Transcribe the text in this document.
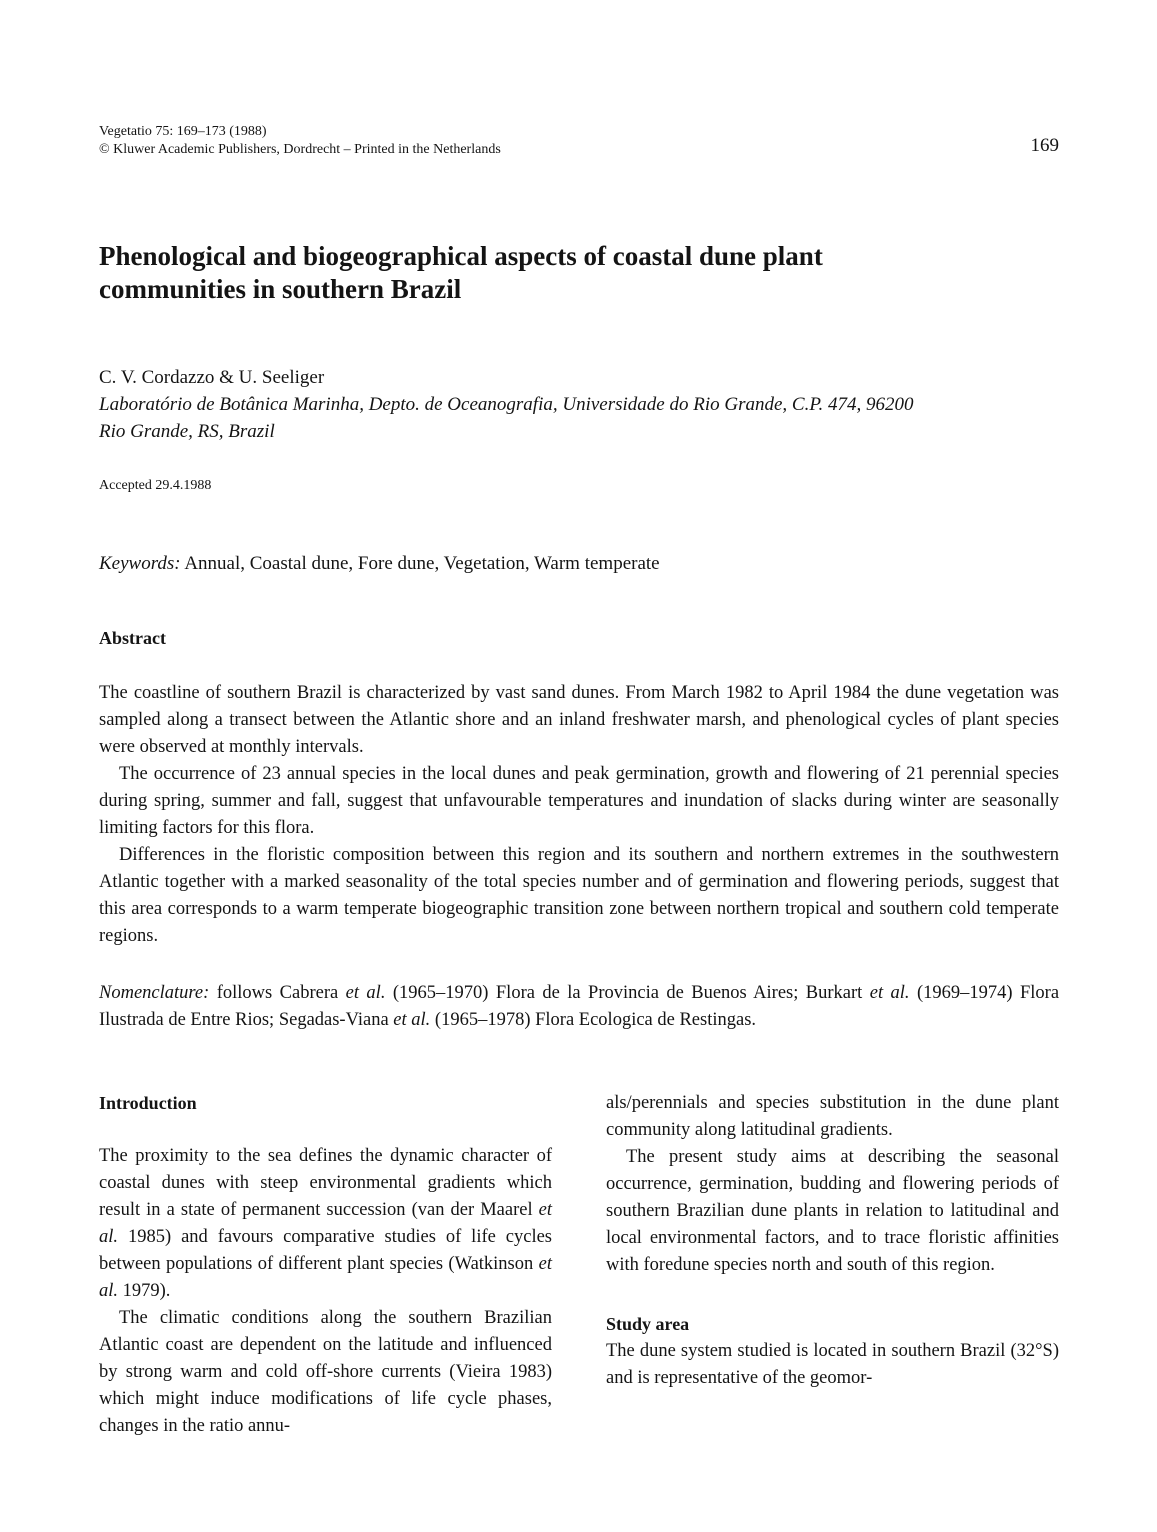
Vegetatio 75: 169–173 (1988)
© Kluwer Academic Publishers, Dordrecht – Printed in the Netherlands	169
Phenological and biogeographical aspects of coastal dune plant
communities in southern Brazil
C. V. Cordazzo & U. Seeliger
Laboratório de Botânica Marinha, Depto. de Oceanografia, Universidade do Rio Grande, C.P. 474, 96200
Rio Grande, RS, Brazil
Accepted 29.4.1988
Keywords: Annual, Coastal dune, Fore dune, Vegetation, Warm temperate
Abstract

The coastline of southern Brazil is characterized by vast sand dunes. From March 1982 to April 1984 the dune vegetation was sampled along a transect between the Atlantic shore and an inland freshwater marsh, and phenological cycles of plant species were observed at monthly intervals.

The occurrence of 23 annual species in the local dunes and peak germination, growth and flowering of 21 perennial species during spring, summer and fall, suggest that unfavourable temperatures and inundation of slacks during winter are seasonally limiting factors for this flora.

Differences in the floristic composition between this region and its southern and northern extremes in the southwestern Atlantic together with a marked seasonality of the total species number and of germination and flowering periods, suggest that this area corresponds to a warm temperate biogeographic transition zone between northern tropical and southern cold temperate regions.

Nomenclature: follows Cabrera et al. (1965–1970) Flora de la Provincia de Buenos Aires; Burkart et al. (1969–1974) Flora Ilustrada de Entre Rios; Segadas-Viana et al. (1965–1978) Flora Ecologica de Restingas.

Introduction

The proximity to the sea defines the dynamic character of coastal dunes with steep environmental gradients which result in a state of permanent succession (van der Maarel et al. 1985) and favours comparative studies of life cycles between populations of different plant species (Watkinson et al. 1979).

The climatic conditions along the southern Brazilian Atlantic coast are dependent on the latitude and influenced by strong warm and cold off-shore currents (Vieira 1983) which might induce modifications of life cycle phases, changes in the ratio annu-

als/perennials and species substitution in the dune plant community along latitudinal gradients.

The present study aims at describing the seasonal occurrence, germination, budding and flowering periods of southern Brazilian dune plants in relation to latitudinal and local environmental factors, and to trace floristic affinities with foredune species north and south of this region.

Study area

The dune system studied is located in southern Brazil (32°S) and is representative of the geomor-
